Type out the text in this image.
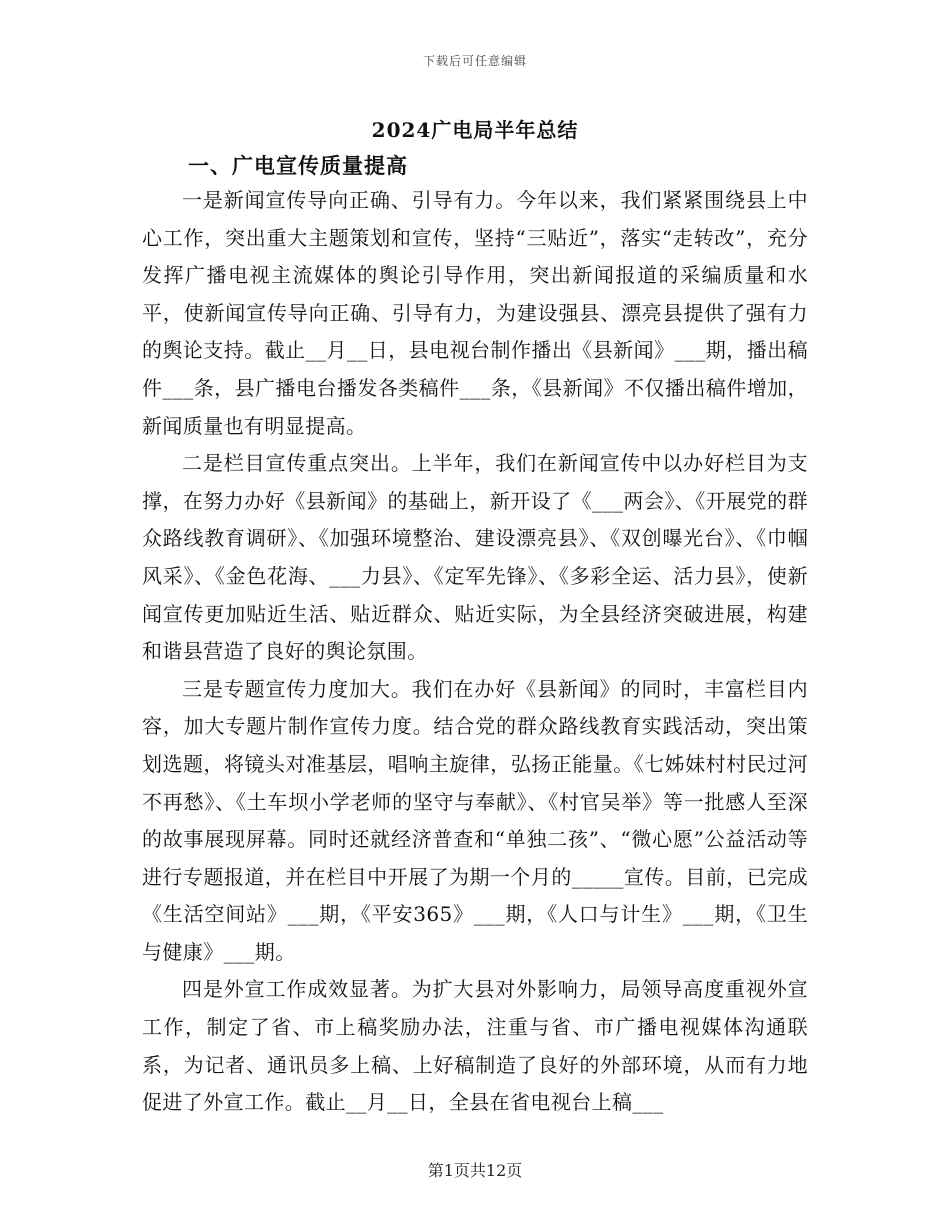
下载后可任意编辑
2024广电局半年总结
一、广电宣传质量提高

一是新闻宣传导向正确、引导有力。今年以来，我们紧紧围绕县上中心工作，突出重大主题策划和宣传，坚持“三贴近”，落实“走转改”，充分发挥广播电视主流媒体的舆论引导作用，突出新闻报道的采编质量和水平，使新闻宣传导向正确、引导有力，为建设强县、漂亮县提供了强有力的舆论支持。截止__月__日，县电视台制作播出《县新闻》___期，播出稿件___条，县广播电台播发各类稿件___条，《县新闻》不仅播出稿件增加，新闻质量也有明显提高。

二是栏目宣传重点突出。上半年，我们在新闻宣传中以办好栏目为支撑，在努力办好《县新闻》的基础上，新开设了《___两会》、《开展党的群众路线教育调研》、《加强环境整治、建设漂亮县》、《双创曝光台》、《巾帼风采》、《金色花海、___力县》、《定军先锋》、《多彩全运、活力县》，使新闻宣传更加贴近生活、贴近群众、贴近实际，为全县经济突破进展，构建和谐县营造了良好的舆论氛围。

三是专题宣传力度加大。我们在办好《县新闻》的同时，丰富栏目内容，加大专题片制作宣传力度。结合党的群众路线教育实践活动，突出策划选题，将镜头对准基层，唱响主旋律，弘扬正能量。《七姊妹村村民过河不再愁》、《土车坝小学老师的坚守与奉献》、《村官吴举》等一批感人至深的故事展现屏幕。同时还就经济普查和“单独二孩”、“微心愿”公益活动等进行专题报道，并在栏目中开展了为期一个月的_____宣传。目前，已完成《生活空间站》___期，《平安365》___期，《人口与计生》___期，《卫生与健康》___期。

四是外宣工作成效显著。为扩大县对外影响力，局领导高度重视外宣工作，制定了省、市上稿奖励办法，注重与省、市广播电视媒体沟通联系，为记者、通讯员多上稿、上好稿制造了良好的外部环境，从而有力地促进了外宣工作。截止__月__日，全县在省电视台上稿___

第1页共12页
